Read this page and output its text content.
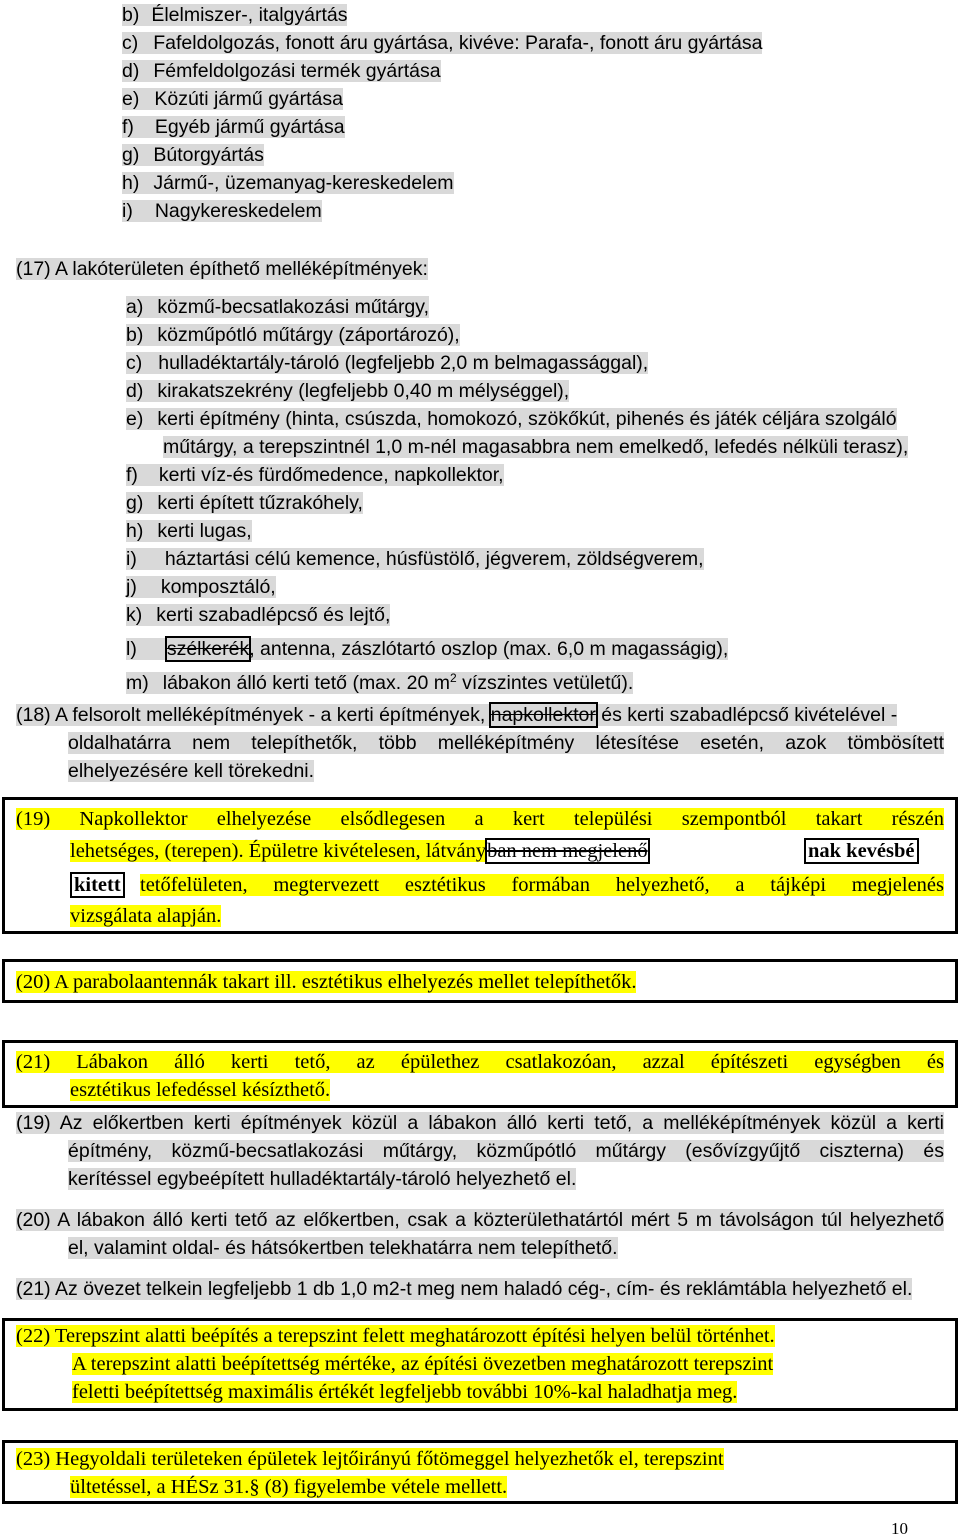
b) Élelmiszer-, italgyártás
c) Fafeldolgozás, fonott áru gyártása, kivéve: Parafa-, fonott áru gyártása
d) Fémfeldolgozási termék gyártása
e) Közúti jármű gyártása
f) Egyéb jármű gyártása
g) Bútorgyártás
h) Jármű-, üzemanyag-kereskedelem
i) Nagykereskedelem
(17) A lakóterületen építhető melléképítmények:
a) közmű-becsatlakozási műtárgy,
b) közműpótló műtárgy (záportározó),
c) hulladéktartály-tároló (legfeljebb 2,0 m belmagassággal),
d) kirakatszekrény (legfeljebb 0,40 m mélységgel),
e) kerti építmény (hinta, csúszda, homokozó, szökőkút, pihenés és játék céljára szolgáló
műtárgy, a terepszintnél 1,0 m-nél magasabbra nem emelkedő, lefedés nélküli terasz),
f) kerti víz-és fürdőmedence, napkollektor,
g) kerti épített tűzrakóhely,
h) kerti lugas,
i) háztartási célú kemence, húsfüstölő, jégverem, zöldségverem,
j) komposztáló,
k) kerti szabadlépcső és lejtő,
l) szélkerék, antenna, zászlótartó oszlop (max. 6,0 m magasságig),
m) lábakon álló kerti tető (max. 20 $m^2$ vízszintes vetületű).
(18) A felsorolt melléképítmények - a kerti építmények, napkollektor és kerti szabadlépcső kivételével -
oldalhatárra nem telepíthetők, több melléképítmény létesítése esetén, azok tömbösített
elhelyezésére kell törekedni.
(19) Napkollektor elhelyezése elsődlegesen a kert települési szempontból takart részén
lehetséges, (terepen). Épületre kivételesen, látványban nem megjelenő	nak kevésbé
kitett tetőfelületen, megtervezett esztétikus formában helyezhető, a tájképi megjelenés
vizsgálata alapján.
(20) A parabolaantennák takart ill. esztétikus elhelyezés mellet telepíthetők.
(21) Lábakon álló kerti tető, az épülethez csatlakozóan, azzal építészeti egységben és
esztétikus lefedéssel késízthető.
(19) Az előkertben kerti építmények közül a lábakon álló kerti tető, a melléképítmények közül a kerti
építmény, közmű-becsatlakozási műtárgy, közműpótló műtárgy (esővízgyűjtő ciszterna) és
kerítéssel egybeépített hulladéktartály-tároló helyezhető el.
(20) A lábakon álló kerti tető az előkertben, csak a közterülethatártól mért 5 m távolságon túl helyezhető
el, valamint oldal- és hátsókertben telekhatárra nem telepíthető.
(21) Az övezet telkein legfeljebb 1 db 1,0 m2-t meg nem haladó cég-, cím- és reklámtábla helyezhető el.
(22) Terepszint alatti beépítés a terepszint felett meghatározott építési helyen belül történhet.
A terepszint alatti beépítettség mértéke, az építési övezetben meghatározott terepszint
feletti beépítettség maximális értékét legfeljebb további 10%-kal haladhatja meg.
(23) Hegyoldali területeken épületek lejtőirányú főtömeggel helyezhetők el, terepszint
ültetéssel, a HÉSz 31.§ (8) figyelembe vétele mellett.
10
